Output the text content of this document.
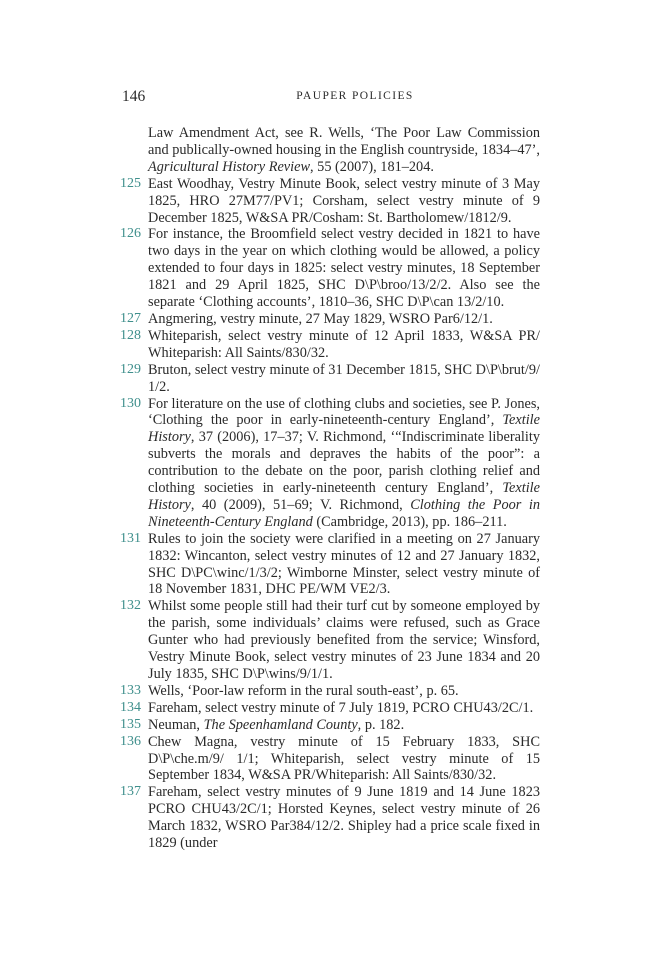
146	PAUPER POLICIES
Law Amendment Act, see R. Wells, ‘The Poor Law Commission and publically-owned housing in the English countryside, 1834–47’, Agricultural History Review, 55 (2007), 181–204.
125 East Woodhay, Vestry Minute Book, select vestry minute of 3 May 1825, HRO 27M77/PV1; Corsham, select vestry minute of 9 December 1825, W&SA PR/Cosham: St. Bartholomew/1812/9.
126 For instance, the Broomfield select vestry decided in 1821 to have two days in the year on which clothing would be allowed, a policy extended to four days in 1825: select vestry minutes, 18 September 1821 and 29 April 1825, SHC D\P\broo/13/2/2. Also see the separate ‘Clothing accounts’, 1810–36, SHC D\P\can 13/2/10.
127 Angmering, vestry minute, 27 May 1829, WSRO Par6/12/1.
128 Whiteparish, select vestry minute of 12 April 1833, W&SA PR/ Whiteparish: All Saints/830/32.
129 Bruton, select vestry minute of 31 December 1815, SHC D\P\brut/9/ 1/2.
130 For literature on the use of clothing clubs and societies, see P. Jones, ‘Clothing the poor in early-nineteenth-century England’, Textile History, 37 (2006), 17–37; V. Richmond, ‘“Indiscriminate liberality subverts the morals and depraves the habits of the poor”: a contribution to the debate on the poor, parish clothing relief and clothing societies in early-nineteenth century England’, Textile History, 40 (2009), 51–69; V. Richmond, Clothing the Poor in Nineteenth-Century England (Cambridge, 2013), pp. 186–211.
131 Rules to join the society were clarified in a meeting on 27 January 1832: Wincanton, select vestry minutes of 12 and 27 January 1832, SHC D\PC\winc/1/3/2; Wimborne Minster, select vestry minute of 18 November 1831, DHC PE/WM VE2/3.
132 Whilst some people still had their turf cut by someone employed by the parish, some individuals’ claims were refused, such as Grace Gunter who had previously benefited from the service; Winsford, Vestry Minute Book, select vestry minutes of 23 June 1834 and 20 July 1835, SHC D\P\wins/9/1/1.
133 Wells, ‘Poor-law reform in the rural south-east’, p. 65.
134 Fareham, select vestry minute of 7 July 1819, PCRO CHU43/2C/1.
135 Neuman, The Speenhamland County, p. 182.
136 Chew Magna, vestry minute of 15 February 1833, SHC D\P\che.m/9/ 1/1; Whiteparish, select vestry minute of 15 September 1834, W&SA PR/Whiteparish: All Saints/830/32.
137 Fareham, select vestry minutes of 9 June 1819 and 14 June 1823 PCRO CHU43/2C/1; Horsted Keynes, select vestry minute of 26 March 1832, WSRO Par384/12/2. Shipley had a price scale fixed in 1829 (under
